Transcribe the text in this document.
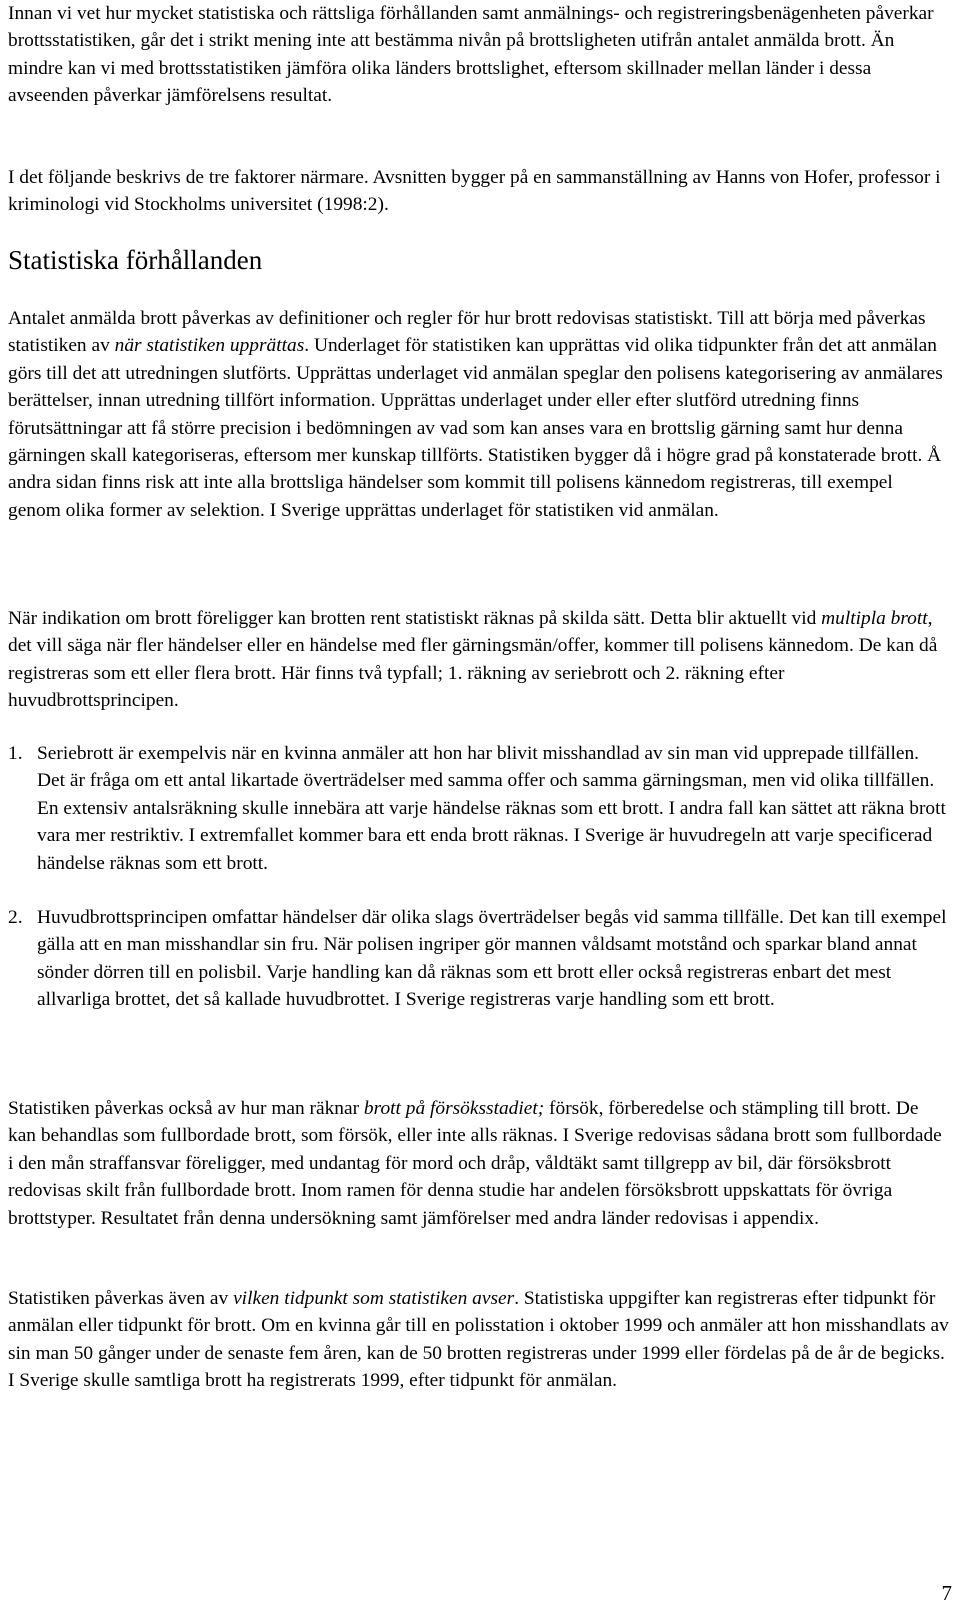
Innan vi vet hur mycket statistiska och rättsliga förhållanden samt anmälnings- och registreringsbenägenheten påverkar brottsstatistiken, går det i strikt mening inte att bestämma nivån på brottsligheten utifrån antalet anmälda brott. Än mindre kan vi med brottsstatistiken jämföra olika länders brottslighet, eftersom skillnader mellan länder i dessa avseenden påverkar jämförelsens resultat.

I det följande beskrivs de tre faktorer närmare. Avsnitten bygger på en sammanställning av Hanns von Hofer, professor i kriminologi vid Stockholms universitet (1998:2).

Statistiska förhållanden

Antalet anmälda brott påverkas av definitioner och regler för hur brott redovisas statistiskt. Till att börja med påverkas statistiken av när statistiken upprättas. Underlaget för statistiken kan upprättas vid olika tidpunkter från det att anmälan görs till det att utredningen slutförts. Upprättas underlaget vid anmälan speglar den polisens kategorisering av anmälares berättelser, innan utredning tillfört information. Upprättas underlaget under eller efter slutförd utredning finns förutsättningar att få större precision i bedömningen av vad som kan anses vara en brottslig gärning samt hur denna gärningen skall kategoriseras, eftersom mer kunskap tillförts. Statistiken bygger då i högre grad på konstaterade brott. Å andra sidan finns risk att inte alla brottsliga händelser som kommit till polisens kännedom registreras, till exempel genom olika former av selektion. I Sverige upprättas underlaget för statistiken vid anmälan.

När indikation om brott föreligger kan brotten rent statistiskt räknas på skilda sätt. Detta blir aktuellt vid multipla brott, det vill säga när fler händelser eller en händelse med fler gärningsmän/offer, kommer till polisens kännedom. De kan då registreras som ett eller flera brott. Här finns två typfall; 1. räkning av seriebrott och 2. räkning efter huvudbrottsprincipen.

1. Seriebrott är exempelvis när en kvinna anmäler att hon har blivit misshandlad av sin man vid upprepade tillfällen. Det är fråga om ett antal likartade överträdelser med samma offer och samma gärningsman, men vid olika tillfällen. En extensiv antalsräkning skulle innebära att varje händelse räknas som ett brott. I andra fall kan sättet att räkna brott vara mer restriktiv. I extremfallet kommer bara ett enda brott räknas. I Sverige är huvudregeln att varje specificerad händelse räknas som ett brott.

2. Huvudbrottsprincipen omfattar händelser där olika slags överträdelser begås vid samma tillfälle. Det kan till exempel gälla att en man misshandlar sin fru. När polisen ingriper gör mannen våldsamt motstånd och sparkar bland annat sönder dörren till en polisbil. Varje handling kan då räknas som ett brott eller också registreras enbart det mest allvarliga brottet, det så kallade huvudbrottet. I Sverige registreras varje handling som ett brott.

Statistiken påverkas också av hur man räknar brott på försöksstadiet; försök, förberedelse och stämpling till brott. De kan behandlas som fullbordade brott, som försök, eller inte alls räknas. I Sverige redovisas sådana brott som fullbordade i den mån straffansvar föreligger, med undantag för mord och dråp, våldtäkt samt tillgrepp av bil, där försöksbrott redovisas skilt från fullbordade brott. Inom ramen för denna studie har andelen försöksbrott uppskattats för övriga brottstyper. Resultatet från denna undersökning samt jämförelser med andra länder redovisas i appendix.

Statistiken påverkas även av vilken tidpunkt som statistiken avser. Statistiska uppgifter kan registreras efter tidpunkt för anmälan eller tidpunkt för brott. Om en kvinna går till en polisstation i oktober 1999 och anmäler att hon misshandlats av sin man 50 gånger under de senaste fem åren, kan de 50 brotten registreras under 1999 eller fördelas på de år de begicks. I Sverige skulle samtliga brott ha registrerats 1999, efter tidpunkt för anmälan.

7
